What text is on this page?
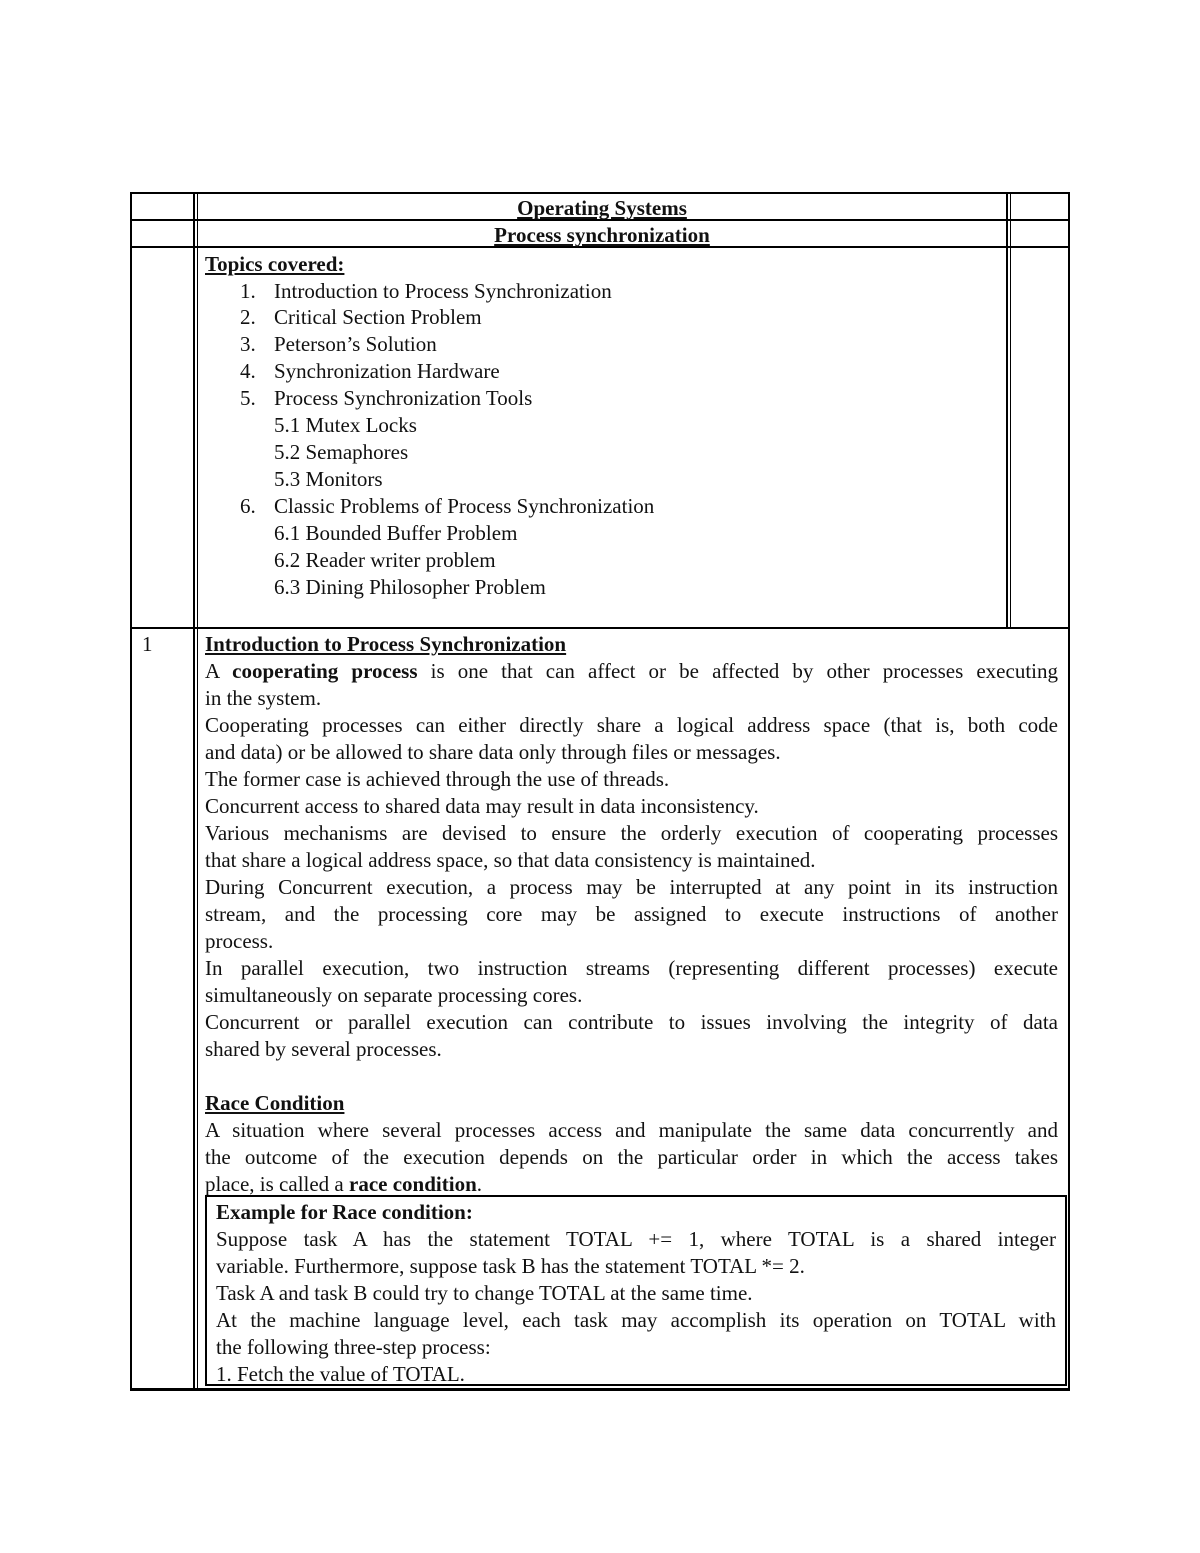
Operating Systems
Process synchronization
Topics covered:
1. Introduction to Process Synchronization
2. Critical Section Problem
3. Peterson’s Solution
4. Synchronization Hardware
5. Process Synchronization Tools
5.1 Mutex Locks
5.2 Semaphores
5.3 Monitors
6. Classic Problems of Process Synchronization
6.1 Bounded Buffer Problem
6.2 Reader writer problem
6.3 Dining Philosopher Problem
1	Introduction to Process Synchronization
A cooperating process is one that can affect or be affected by other processes executing
in the system.
Cooperating processes can either directly share a logical address space (that is, both code
and data) or be allowed to share data only through files or messages.
The former case is achieved through the use of threads.
Concurrent access to shared data may result in data inconsistency.
Various mechanisms are devised to ensure the orderly execution of cooperating processes
that share a logical address space, so that data consistency is maintained.
During Concurrent execution, a process may be interrupted at any point in its instruction
stream, and the processing core may be assigned to execute instructions of another
process.
In parallel execution, two instruction streams (representing different processes) execute
simultaneously on separate processing cores.
Concurrent or parallel execution can contribute to issues involving the integrity of data
shared by several processes.
Race Condition
A situation where several processes access and manipulate the same data concurrently and
the outcome of the execution depends on the particular order in which the access takes
place, is called a race condition.
Example for Race condition:
Suppose task A has the statement TOTAL += 1, where TOTAL is a shared integer
variable. Furthermore, suppose task B has the statement TOTAL *= 2.
Task A and task B could try to change TOTAL at the same time.
At the machine language level, each task may accomplish its operation on TOTAL with
the following three-step process:
1. Fetch the value of TOTAL.
